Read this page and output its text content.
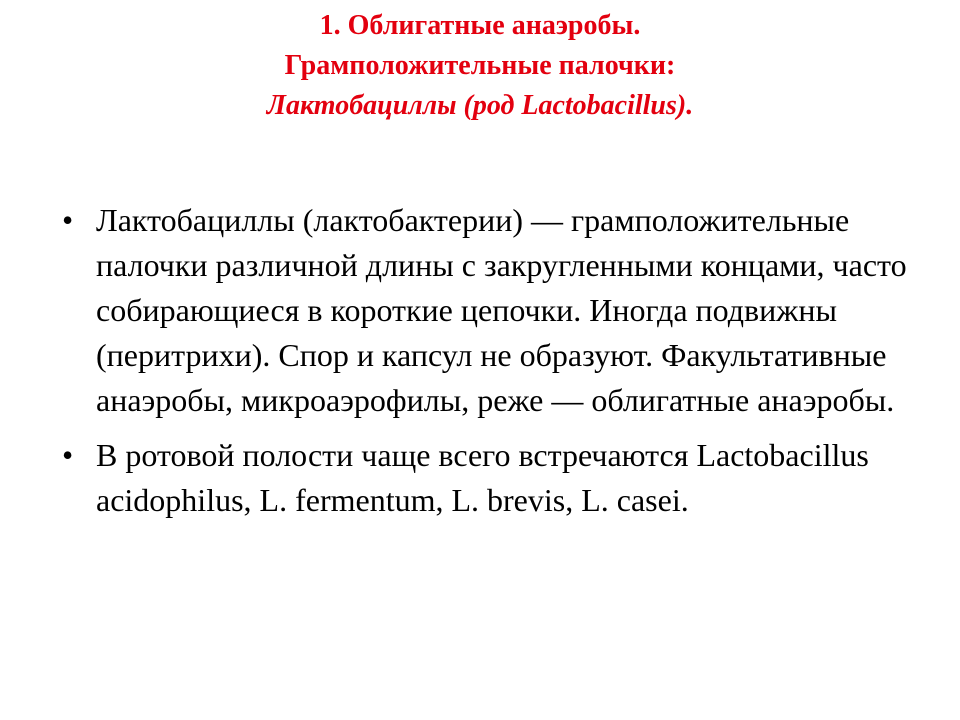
1. Облигатные анаэробы.
Грамположительные палочки:
Лактобациллы (род Lactobacillus).
• Лактобациллы (лактобактерии) — грамположительные палочки различной длины с закругленными концами, часто собирающиеся в короткие цепочки. Иногда подвижны (перитрихи). Спор и капсул не образуют. Факультативные анаэробы, микроаэрофилы, реже — облигатные анаэробы.
• В ротовой полости чаще всего встречаются Lactobacillus acidophilus, L. fermentum, L. brevis, L. casei.
